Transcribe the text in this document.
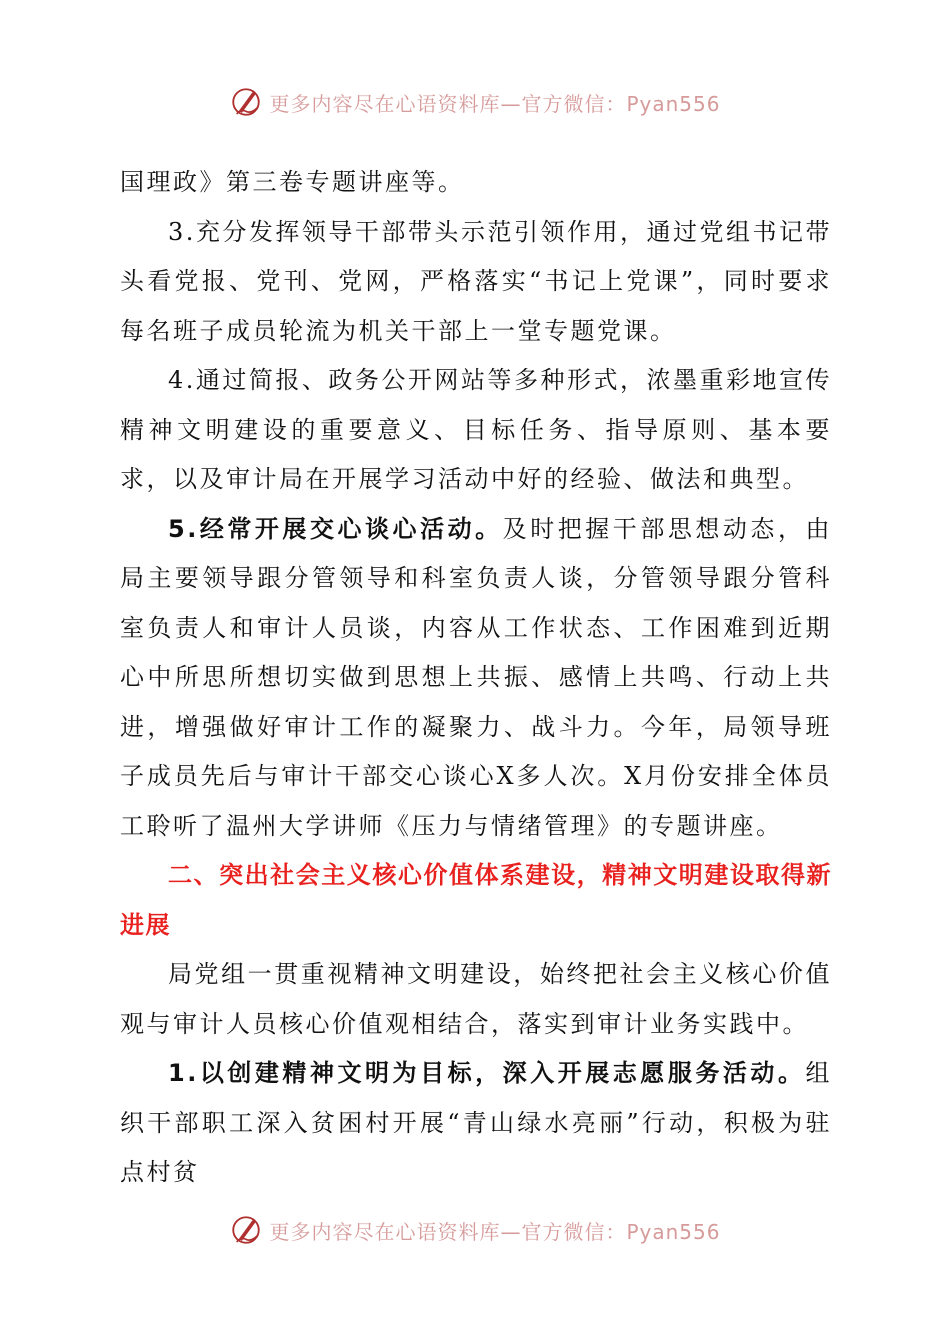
更多内容尽在心语资料库—官方微信：Pyan556

国理政》第三卷专题讲座等。

3.充分发挥领导干部带头示范引领作用，通过党组书记带头看党报、党刊、党网，严格落实“书记上党课”，同时要求每名班子成员轮流为机关干部上一堂专题党课。

4.通过简报、政务公开网站等多种形式，浓墨重彩地宣传精神文明建设的重要意义、目标任务、指导原则、基本要求，以及审计局在开展学习活动中好的经验、做法和典型。

5.经常开展交心谈心活动。及时把握干部思想动态，由局主要领导跟分管领导和科室负责人谈，分管领导跟分管科室负责人和审计人员谈，内容从工作状态、工作困难到近期心中所思所想切实做到思想上共振、感情上共鸣、行动上共进，增强做好审计工作的凝聚力、战斗力。今年，局领导班子成员先后与审计干部交心谈心X多人次。X月份安排全体员工聆听了温州大学讲师《压力与情绪管理》的专题讲座。

二、突出社会主义核心价值体系建设，精神文明建设取得新进展

局党组一贯重视精神文明建设，始终把社会主义核心价值观与审计人员核心价值观相结合，落实到审计业务实践中。

1.以创建精神文明为目标，深入开展志愿服务活动。组织干部职工深入贫困村开展“青山绿水亮丽”行动，积极为驻点村贫

更多内容尽在心语资料库—官方微信：Pyan556
